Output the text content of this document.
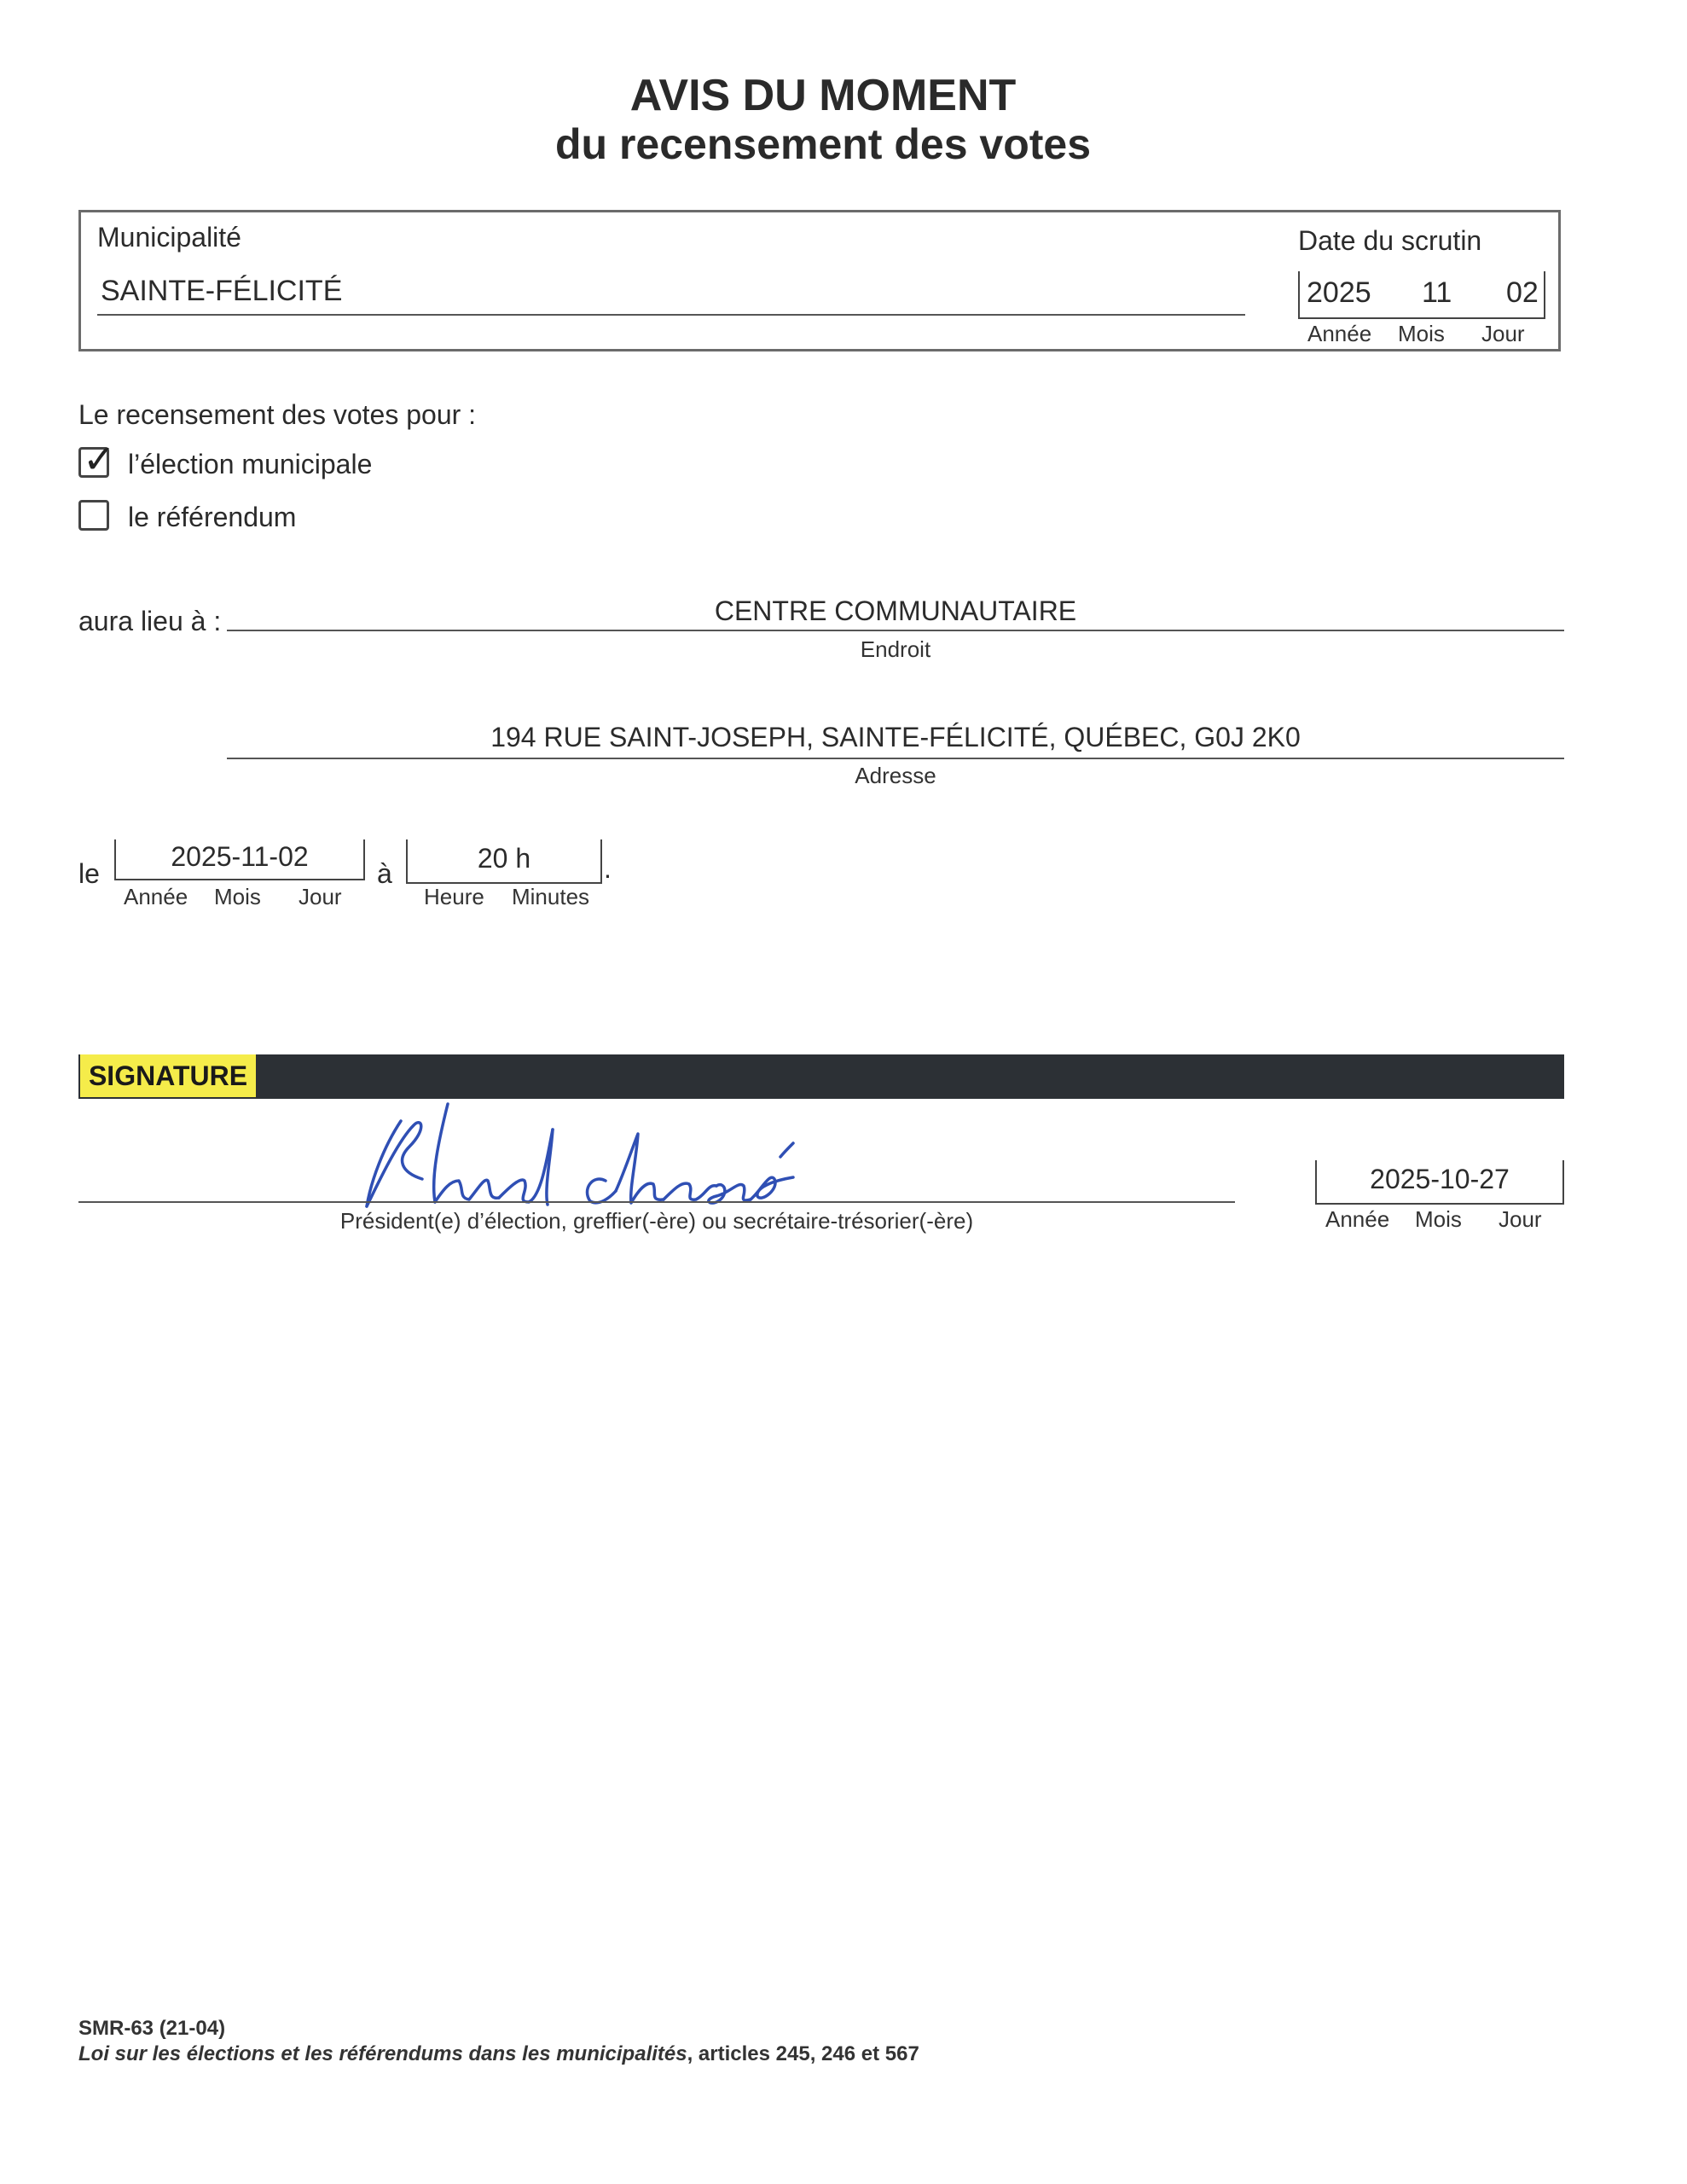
AVIS DU MOMENT
du recensement des votes
Municipalité
SAINTE-FÉLICITÉ
Date du scrutin
2025 11 02
Année Mois Jour
Le recensement des votes pour :
✓ l’élection municipale
le référendum
aura lieu à :	CENTRE COMMUNAUTAIRE
Endroit
194 RUE SAINT-JOSEPH, SAINTE-FÉLICITÉ, QUÉBEC, G0J 2K0
Adresse
le
2025-11-02
Année Mois Jour
à	20 h	.
Heure Minutes
SIGNATURE
Président(e) d’élection, greffier(-ère) ou secrétaire-trésorier(-ère)
2025-10-27
Année Mois Jour
SMR-63 (21-04)
Loi sur les élections et les référendums dans les municipalités, articles 245, 246 et 567
